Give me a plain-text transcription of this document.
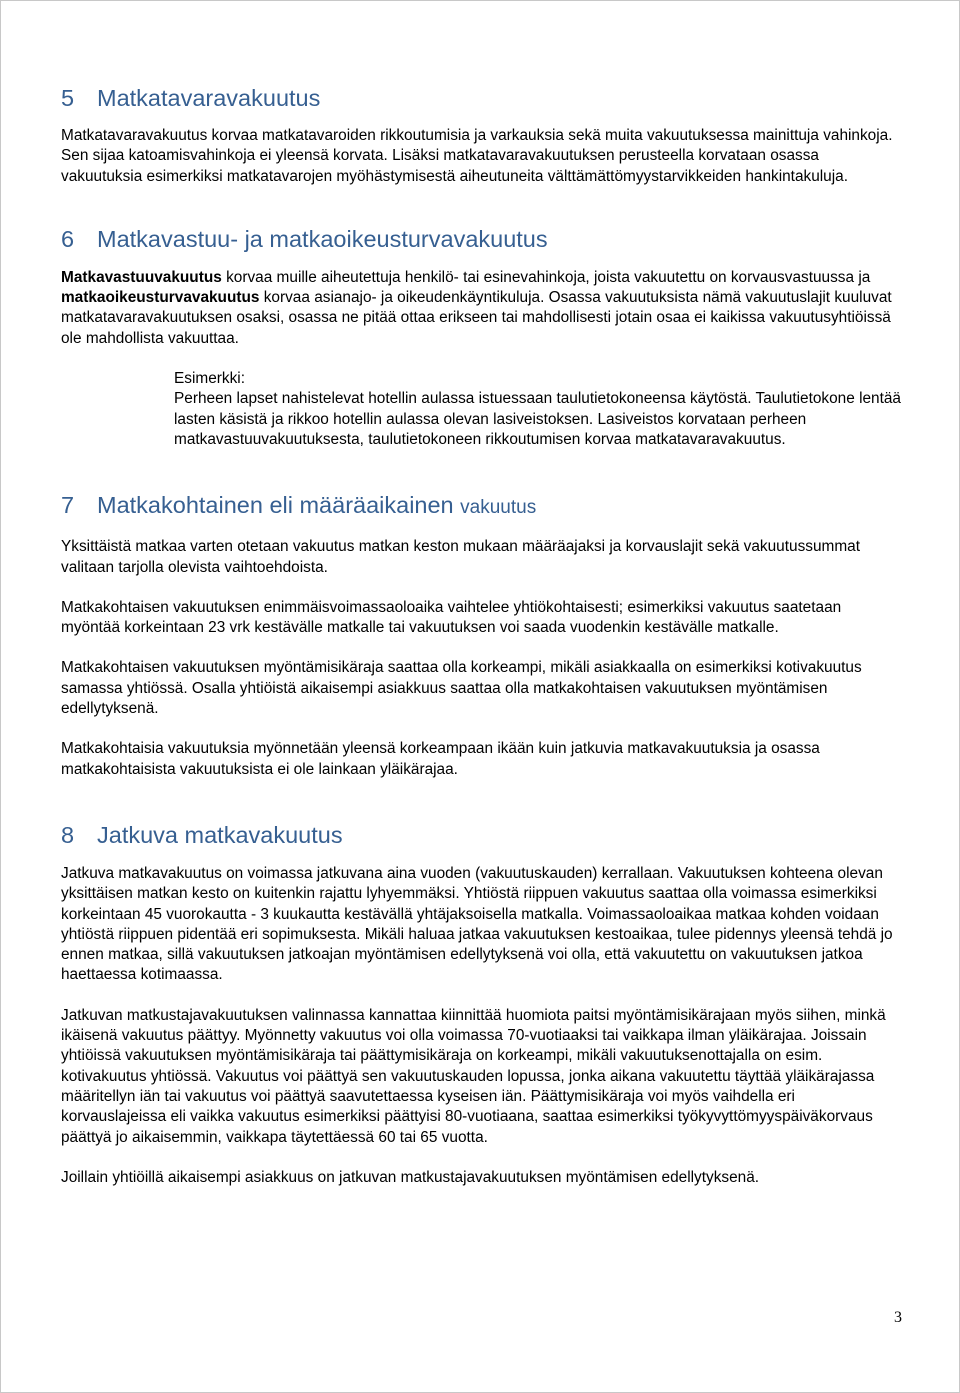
5 Matkatavaravakuutus

Matkatavaravakuutus korvaa matkatavaroiden rikkoutumisia ja varkauksia sekä muita vakuutuksessa mainittuja vahinkoja. Sen sijaa katoamisvahinkoja ei yleensä korvata. Lisäksi matkatavaravakuutuksen perusteella korvataan osassa vakuutuksia esimerkiksi matkatavarojen myöhästymisestä aiheutuneita välttämättömyystarvikkeiden hankintakuluja.

6 Matkavastuu- ja matkaoikeusturvavakuutus

Matkavastuuvakuutus korvaa muille aiheutettuja henkilö- tai esinevahinkoja, joista vakuutettu on korvausvastuussa ja matkaoikeusturvavakuutus korvaa asianajo- ja oikeudenkäyntikuluja. Osassa vakuutuksista nämä vakuutuslajit kuuluvat matkatavaravakuutuksen osaksi, osassa ne pitää ottaa erikseen tai mahdollisesti jotain osaa ei kaikissa vakuutusyhtiöissä ole mahdollista vakuuttaa.

Esimerkki:

Perheen lapset nahistelevat hotellin aulassa istuessaan taulutietokoneensa käytöstä. Taulutietokone lentää lasten käsistä ja rikkoo hotellin aulassa olevan lasiveistoksen. Lasiveistos korvataan perheen matkavastuuvakuutuksesta, taulutietokoneen rikkoutumisen korvaa matkatavaravakuutus.

7 Matkakohtainen eli määräaikainen vakuutus

Yksittäistä matkaa varten otetaan vakuutus matkan keston mukaan määräajaksi ja korvauslajit sekä vakuutussummat valitaan tarjolla olevista vaihtoehdoista.

Matkakohtaisen vakuutuksen enimmäisvoimassaoloaika vaihtelee yhtiökohtaisesti; esimerkiksi vakuutus saatetaan myöntää korkeintaan 23 vrk kestävälle matkalle tai vakuutuksen voi saada vuodenkin kestävälle matkalle.

Matkakohtaisen vakuutuksen myöntämisikäraja saattaa olla korkeampi, mikäli asiakkaalla on esimerkiksi kotivakuutus samassa yhtiössä. Osalla yhtiöistä aikaisempi asiakkuus saattaa olla matkakohtaisen vakuutuksen myöntämisen edellytyksenä.

Matkakohtaisia vakuutuksia myönnetään yleensä korkeampaan ikään kuin jatkuvia matkavakuutuksia ja osassa matkakohtaisista vakuutuksista ei ole lainkaan yläikärajaa.

8 Jatkuva matkavakuutus

Jatkuva matkavakuutus on voimassa jatkuvana aina vuoden (vakuutuskauden) kerrallaan. Vakuutuksen kohteena olevan yksittäisen matkan kesto on kuitenkin rajattu lyhyemmäksi. Yhtiöstä riippuen vakuutus saattaa olla voimassa esimerkiksi korkeintaan 45 vuorokautta - 3 kuukautta kestävällä yhtäjaksoisella matkalla. Voimassaoloaikaa matkaa kohden voidaan yhtiöstä riippuen pidentää eri sopimuksesta. Mikäli haluaa jatkaa vakuutuksen kestoaikaa, tulee pidennys yleensä tehdä jo ennen matkaa, sillä vakuutuksen jatkoajan myöntämisen edellytyksenä voi olla, että vakuutettu on vakuutuksen jatkoa haettaessa kotimaassa.

Jatkuvan matkustajavakuutuksen valinnassa kannattaa kiinnittää huomiota paitsi myöntämisikärajaan myös siihen, minkä ikäisenä vakuutus päättyy. Myönnetty vakuutus voi olla voimassa 70-vuotiaaksi tai vaikkapa ilman yläikärajaa. Joissain yhtiöissä vakuutuksen myöntämisikäraja tai päättymisikäraja on korkeampi, mikäli vakuutuksenottajalla on esim. kotivakuutus yhtiössä. Vakuutus voi päättyä sen vakuutuskauden lopussa, jonka aikana vakuutettu täyttää yläikärajassa määritellyn iän tai vakuutus voi päättyä saavutettaessa kyseisen iän. Päättymisikäraja voi myös vaihdella eri korvauslajeissa eli vaikka vakuutus esimerkiksi päättyisi 80-vuotiaana, saattaa esimerkiksi työkyvyttömyyspäiväkorvaus päättyä jo aikaisemmin, vaikkapa täytettäessä 60 tai 65 vuotta.

Joillain yhtiöillä aikaisempi asiakkuus on jatkuvan matkustajavakuutuksen myöntämisen edellytyksenä.

3
